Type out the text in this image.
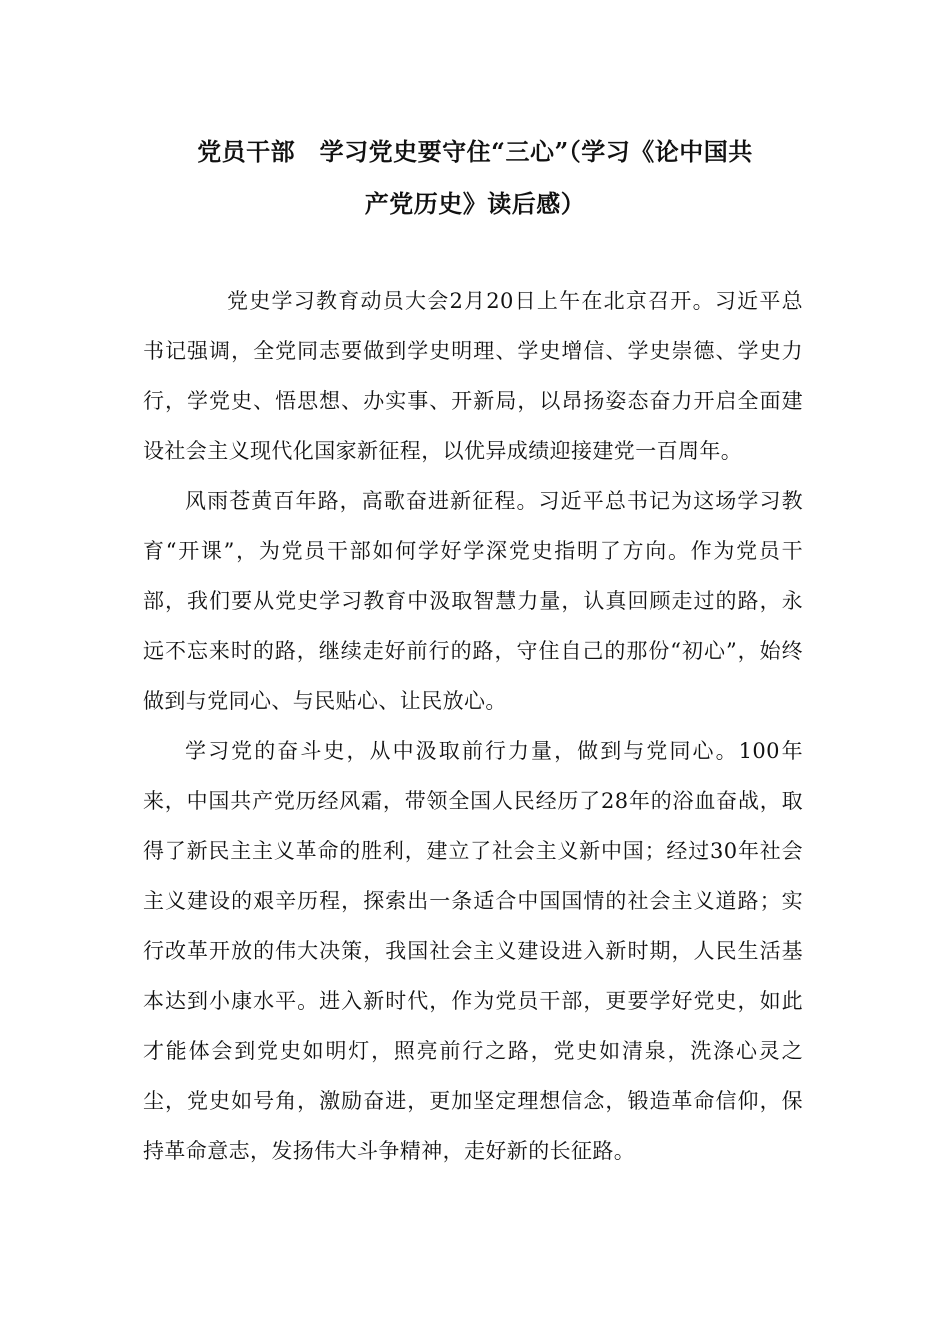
党员干部　学习党史要守住“三心”（学习《论中国共
产党历史》读后感）

党史学习教育动员大会2月20日上午在北京召开。习近平总书记强调，全党同志要做到学史明理、学史增信、学史崇德、学史力行，学党史、悟思想、办实事、开新局，以昂扬姿态奋力开启全面建设社会主义现代化国家新征程，以优异成绩迎接建党一百周年。

风雨苍黄百年路，高歌奋进新征程。习近平总书记为这场学习教育“开课”，为党员干部如何学好学深党史指明了方向。作为党员干部，我们要从党史学习教育中汲取智慧力量，认真回顾走过的路，永远不忘来时的路，继续走好前行的路，守住自己的那份“初心”，始终做到与党同心、与民贴心、让民放心。

学习党的奋斗史，从中汲取前行力量，做到与党同心。100年来，中国共产党历经风霜，带领全国人民经历了28年的浴血奋战，取得了新民主主义革命的胜利，建立了社会主义新中国；经过30年社会主义建设的艰辛历程，探索出一条适合中国国情的社会主义道路；实行改革开放的伟大决策，我国社会主义建设进入新时期，人民生活基本达到小康水平。进入新时代，作为党员干部，更要学好党史，如此才能体会到党史如明灯，照亮前行之路，党史如清泉，洗涤心灵之尘，党史如号角，激励奋进，更加坚定理想信念，锻造革命信仰，保持革命意志，发扬伟大斗争精神，走好新的长征路。
